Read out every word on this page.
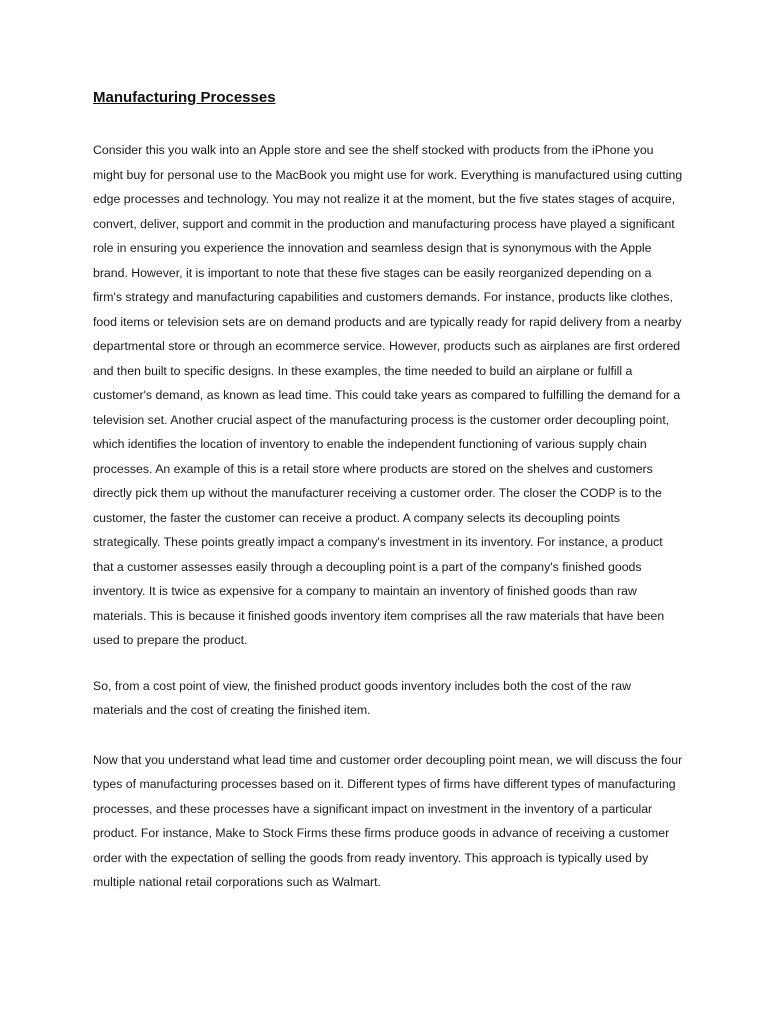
Manufacturing Processes

Consider this you walk into an Apple store and see the shelf stocked with products from the iPhone you might buy for personal use to the MacBook you might use for work. Everything is manufactured using cutting edge processes and technology. You may not realize it at the moment, but the five states stages of acquire, convert, deliver, support and commit in the production and manufacturing process have played a significant role in ensuring you experience the innovation and seamless design that is synonymous with the Apple brand. However, it is important to note that these five stages can be easily reorganized depending on a firm's strategy and manufacturing capabilities and customers demands. For instance, products like clothes, food items or television sets are on demand products and are typically ready for rapid delivery from a nearby departmental store or through an ecommerce service. However, products such as airplanes are first ordered and then built to specific designs. In these examples, the time needed to build an airplane or fulfill a customer's demand, as known as lead time. This could take years as compared to fulfilling the demand for a television set. Another crucial aspect of the manufacturing process is the customer order decoupling point, which identifies the location of inventory to enable the independent functioning of various supply chain processes. An example of this is a retail store where products are stored on the shelves and customers directly pick them up without the manufacturer receiving a customer order. The closer the CODP is to the customer, the faster the customer can receive a product. A company selects its decoupling points strategically. These points greatly impact a company's investment in its inventory. For instance, a product that a customer assesses easily through a decoupling point is a part of the company's finished goods inventory. It is twice as expensive for a company to maintain an inventory of finished goods than raw materials. This is because it finished goods inventory item comprises all the raw materials that have been used to prepare the product.

So, from a cost point of view, the finished product goods inventory includes both the cost of the raw materials and the cost of creating the finished item.

Now that you understand what lead time and customer order decoupling point mean, we will discuss the four types of manufacturing processes based on it. Different types of firms have different types of manufacturing processes, and these processes have a significant impact on investment in the inventory of a particular product. For instance, Make to Stock Firms these firms produce goods in advance of receiving a customer order with the expectation of selling the goods from ready inventory. This approach is typically used by multiple national retail corporations such as Walmart.
